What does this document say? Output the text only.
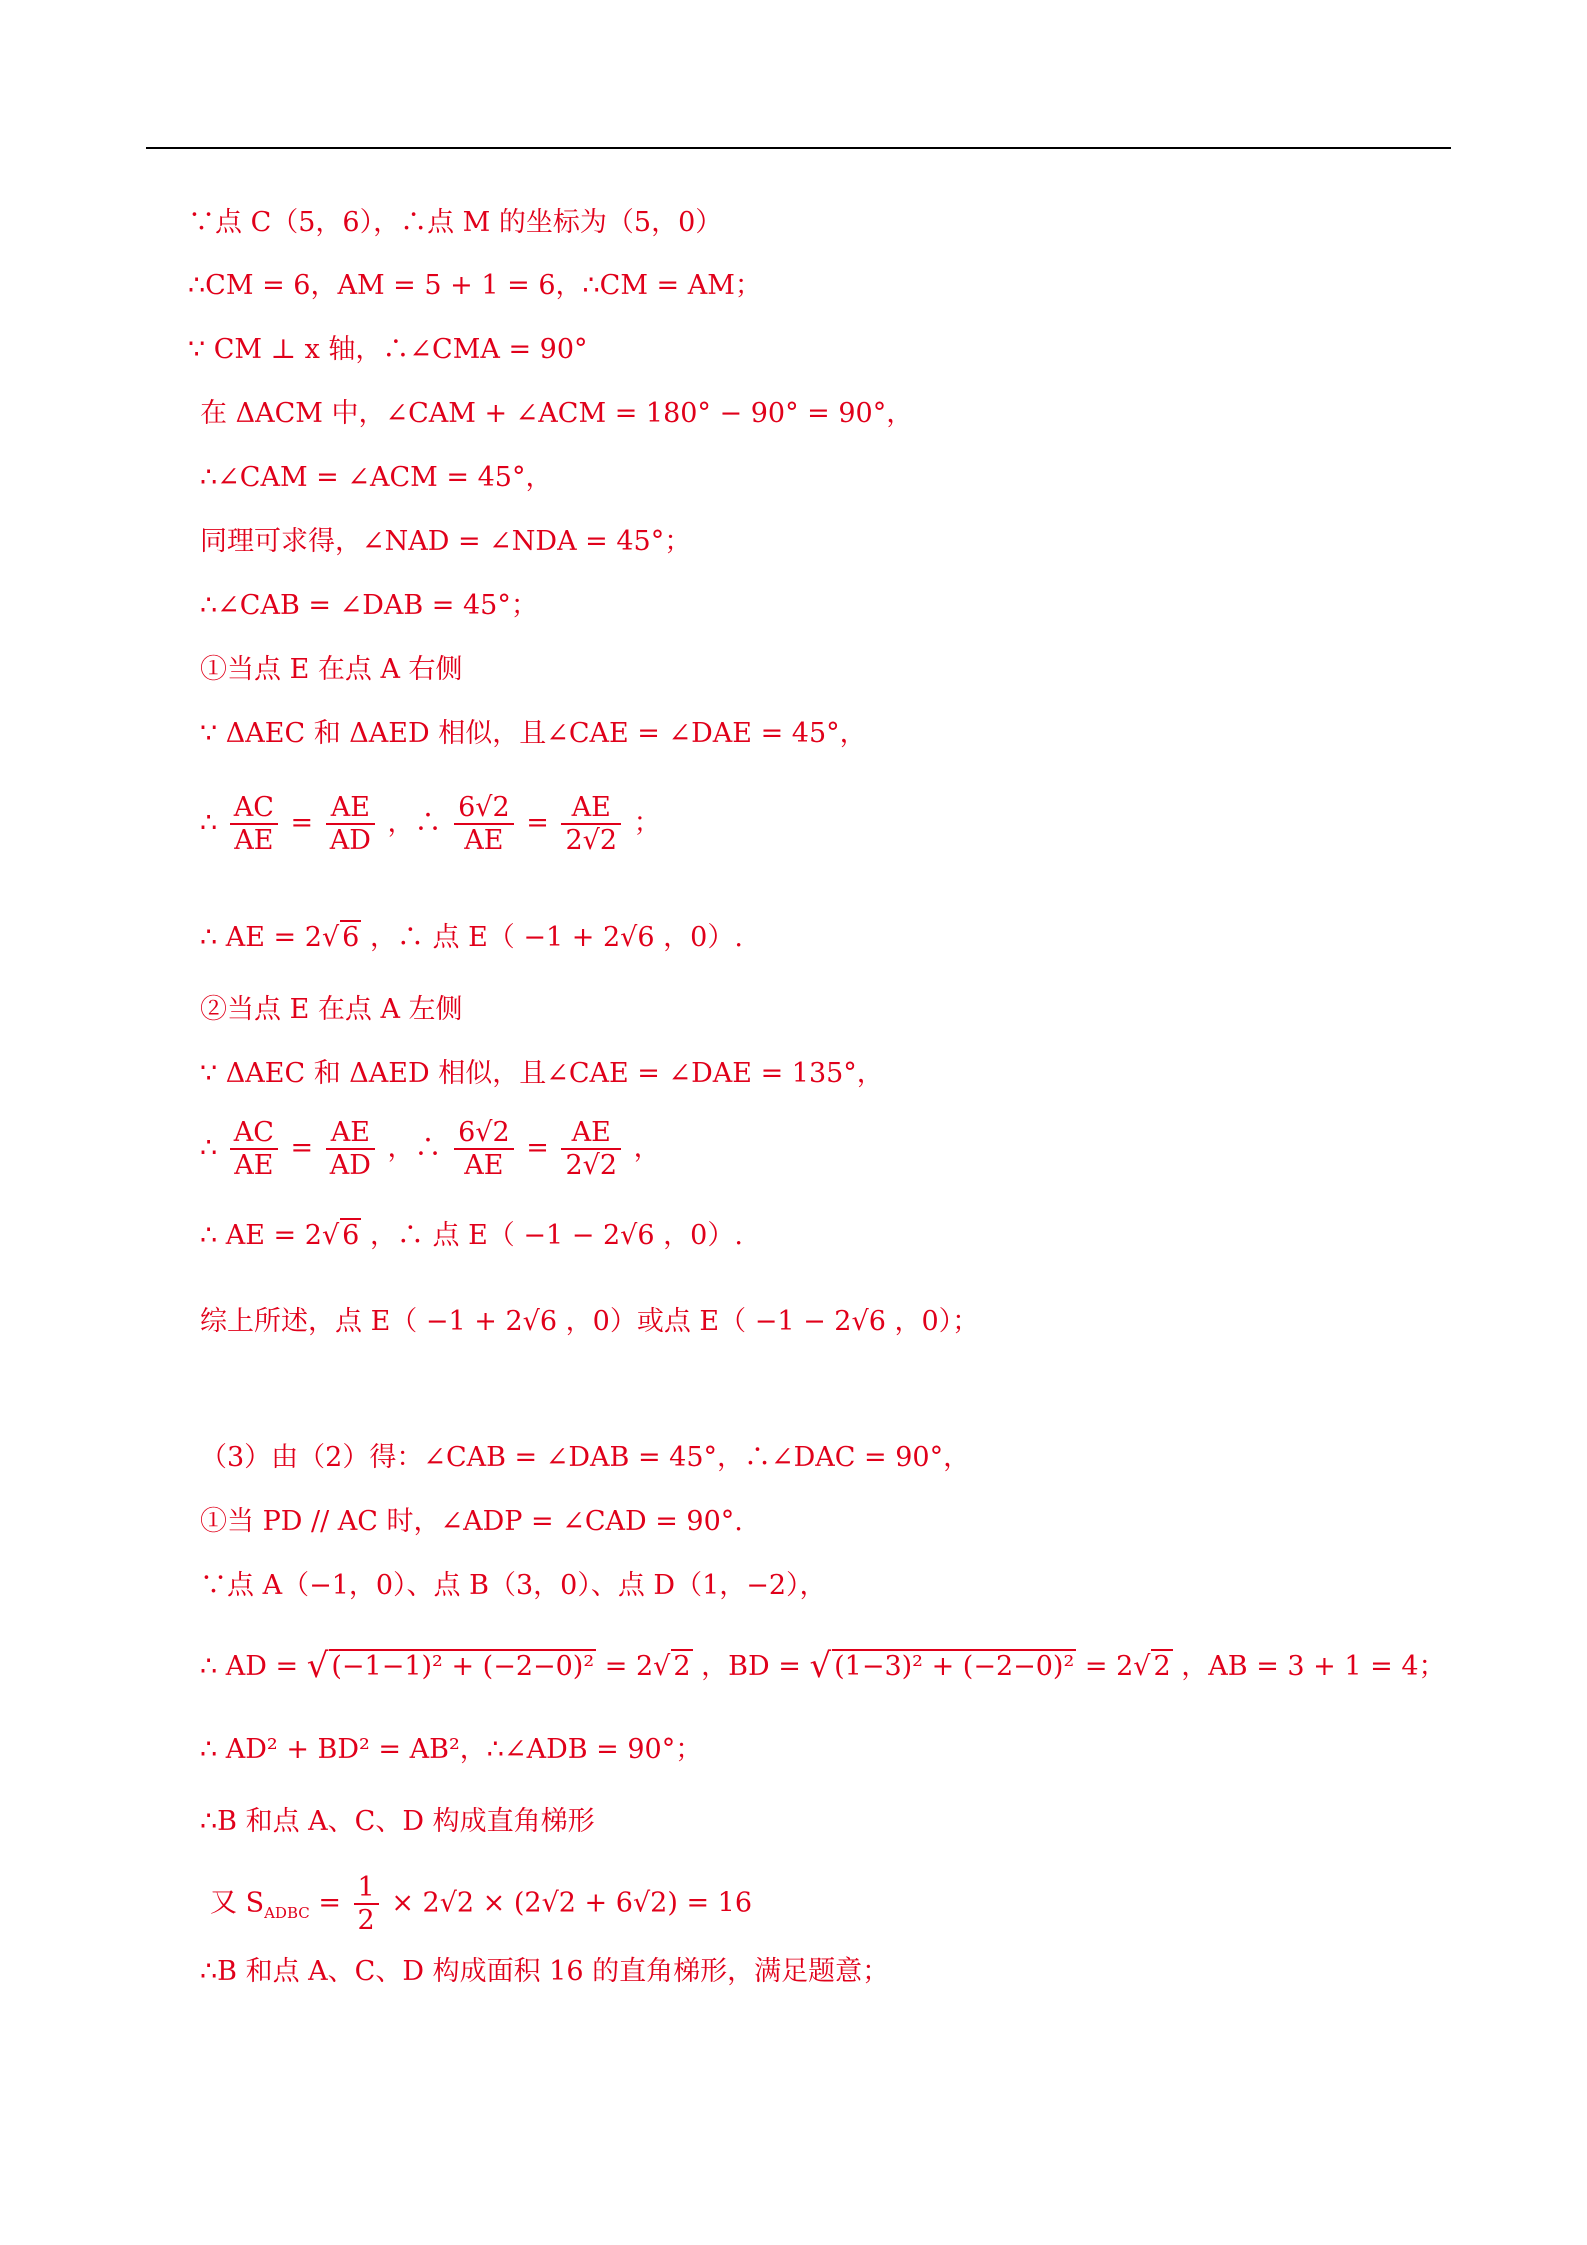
∵点 C（5，6），∴点 M 的坐标为（5，0）
∴CM = 6，AM = 5 + 1 = 6，∴CM = AM；
∵ CM ⊥ x 轴，∴∠CMA = 90°
在 ΔACM 中，∠CAM + ∠ACM = 180° − 90° = 90°，
∴∠CAM = ∠ACM = 45°，
同理可求得，∠NAD = ∠NDA = 45°；
∴∠CAB = ∠DAB = 45°；
①当点 E 在点 A 右侧
∵ ΔAEC 和 ΔAED 相似，且∠CAE = ∠DAE = 45°，
∴ $\frac{AC}{AE} = \frac{AE}{AD}$ ，∴ $\frac{6√2}{AE} = \frac{AE}{2√2}$ ；
∴ AE = 2√ 6 ，∴ 点 E（ −1 + 2√6 ，0）.
②当点 E 在点 A 左侧
∵ ΔAEC 和 ΔAED 相似，且∠CAE = ∠DAE = 135°，
∴ $\frac{AC}{AE} = \frac{AE}{AD}$ ，∴ $\frac{6√2}{AE} = \frac{AE}{2√2}$ ，
∴ AE = 2√ 6 ，∴ 点 E（ −1 − 2√6 ，0）.
综上所述，点 E（ −1 + 2√6 ，0）或点 E（ −1 − 2√6 ，0）；
（3）由（2）得：∠CAB = ∠DAB = 45°，∴∠DAC = 90°，
①当 PD // AC 时，∠ADP = ∠CAD = 90°.
∵点 A（−1，0）、点 B（3，0）、点 D（1，−2），
∴ AD = √ (−1−1)² + (−2−0)² = 2√ 2 ，BD = √ (1−3)² + (−2−0)² = 2√ 2 ，AB = 3 + 1 = 4；
∴ AD² + BD² = AB²，∴∠ADB = 90°；
∴B 和点 A、C、D 构成直角梯形
又 $S_{ADBC} = \frac{1}{2} \times 2√2 \times (2√2 + 6√2) = 16$
∴B 和点 A、C、D 构成面积 16 的直角梯形，满足题意；
